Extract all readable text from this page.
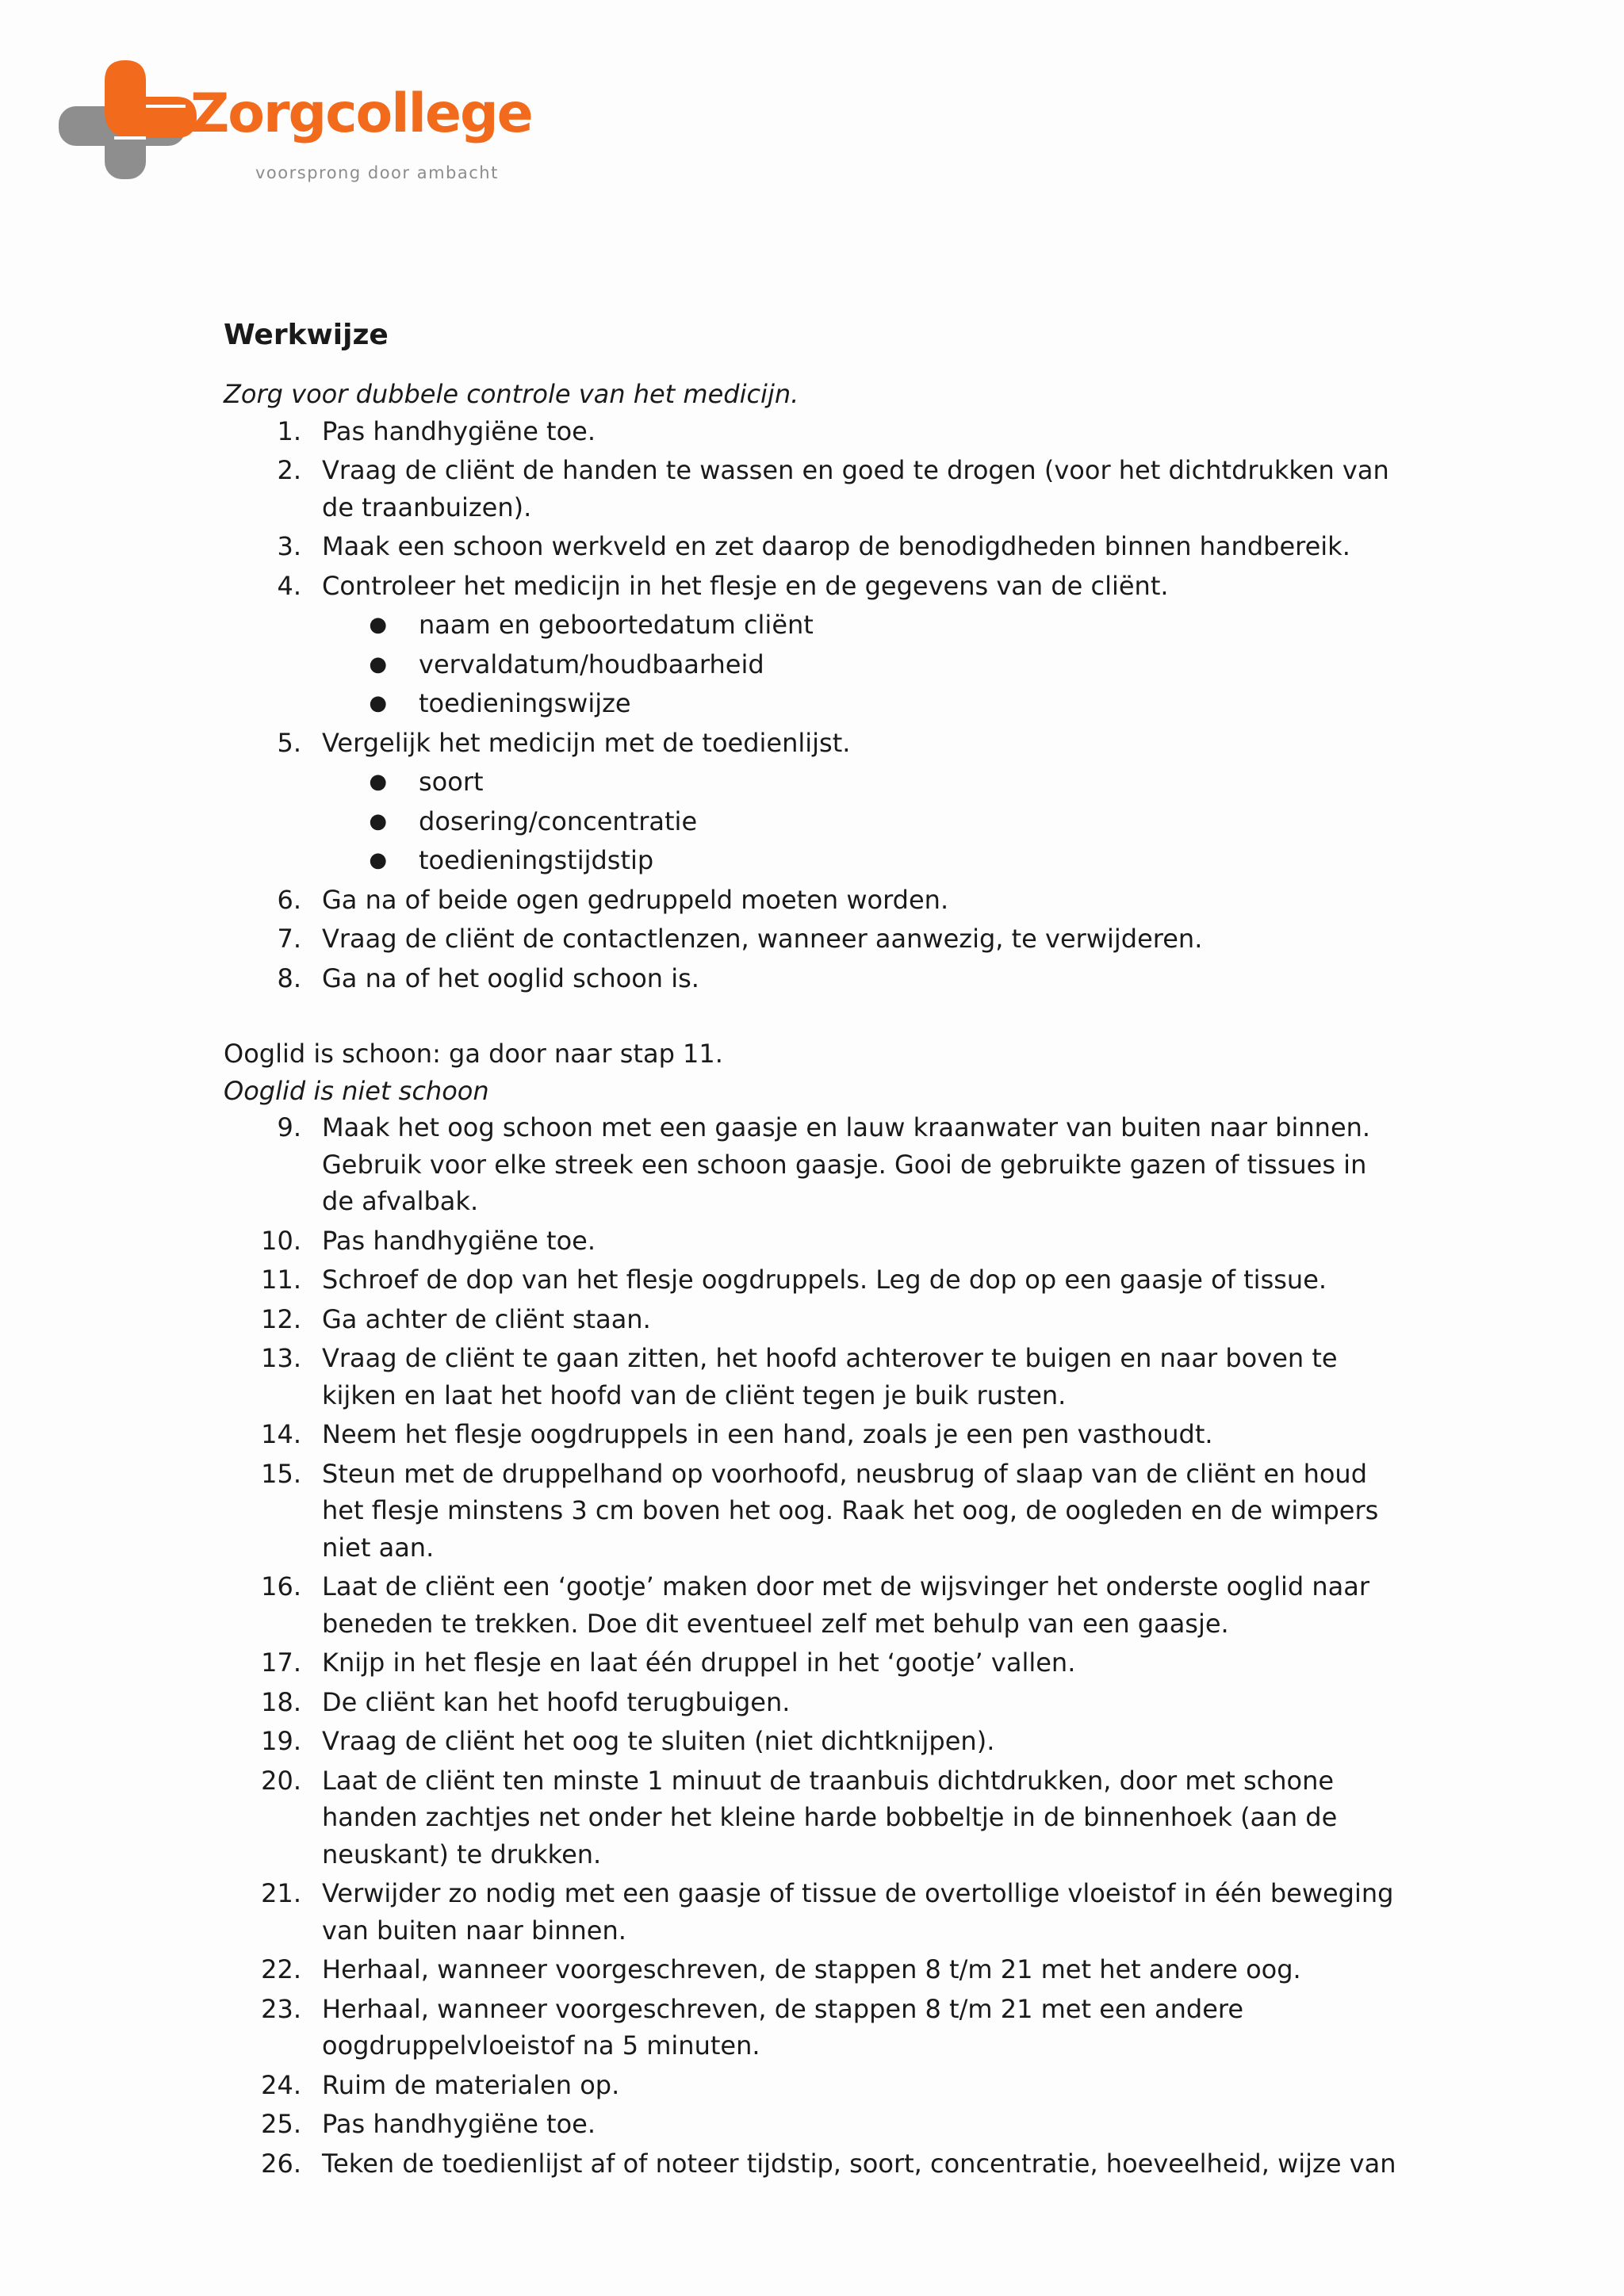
Zorgcollege
voorsprong door ambacht
Werkwijze

Zorg voor dubbele controle van het medicijn.

1. Pas handhygiëne toe.
2. Vraag de cliënt de handen te wassen en goed te drogen (voor het dichtdrukken van de traanbuizen).
3. Maak een schoon werkveld en zet daarop de benodigdheden binnen handbereik.
4. Controleer het medicijn in het flesje en de gegevens van de cliënt.
●	naam en geboortedatum cliënt
●	vervaldatum/houdbaarheid
●	toedieningswijze
5. Vergelijk het medicijn met de toedienlijst.
●	soort
●	dosering/concentratie
●	toedieningstijdstip
6. Ga na of beide ogen gedruppeld moeten worden.
7. Vraag de cliënt de contactlenzen, wanneer aanwezig, te verwijderen.
8. Ga na of het ooglid schoon is.

Ooglid is schoon: ga door naar stap 11.

Ooglid is niet schoon

9. Maak het oog schoon met een gaasje en lauw kraanwater van buiten naar binnen. Gebruik voor elke streek een schoon gaasje. Gooi de gebruikte gazen of tissues in de afvalbak.
10. Pas handhygiëne toe.
11. Schroef de dop van het flesje oogdruppels. Leg de dop op een gaasje of tissue.
12. Ga achter de cliënt staan.
13. Vraag de cliënt te gaan zitten, het hoofd achterover te buigen en naar boven te kijken en laat het hoofd van de cliënt tegen je buik rusten.
14. Neem het flesje oogdruppels in een hand, zoals je een pen vasthoudt.
15. Steun met de druppelhand op voorhoofd, neusbrug of slaap van de cliënt en houd het flesje minstens 3 cm boven het oog. Raak het oog, de oogleden en de wimpers niet aan.
16. Laat de cliënt een ‘gootje’ maken door met de wijsvinger het onderste ooglid naar beneden te trekken. Doe dit eventueel zelf met behulp van een gaasje.
17. Knijp in het flesje en laat één druppel in het ‘gootje’ vallen.
18. De cliënt kan het hoofd terugbuigen.
19. Vraag de cliënt het oog te sluiten (niet dichtknijpen).
20. Laat de cliënt ten minste 1 minuut de traanbuis dichtdrukken, door met schone handen zachtjes net onder het kleine harde bobbeltje in de binnenhoek (aan de neuskant) te drukken.
21. Verwijder zo nodig met een gaasje of tissue de overtollige vloeistof in één beweging van buiten naar binnen.
22. Herhaal, wanneer voorgeschreven, de stappen 8 t/m 21 met het andere oog.
23. Herhaal, wanneer voorgeschreven, de stappen 8 t/m 21 met een andere oogdruppelvloeistof na 5 minuten.
24. Ruim de materialen op.
25. Pas handhygiëne toe.
26. Teken de toedienlijst af of noteer tijdstip, soort, concentratie, hoeveelheid, wijze van
